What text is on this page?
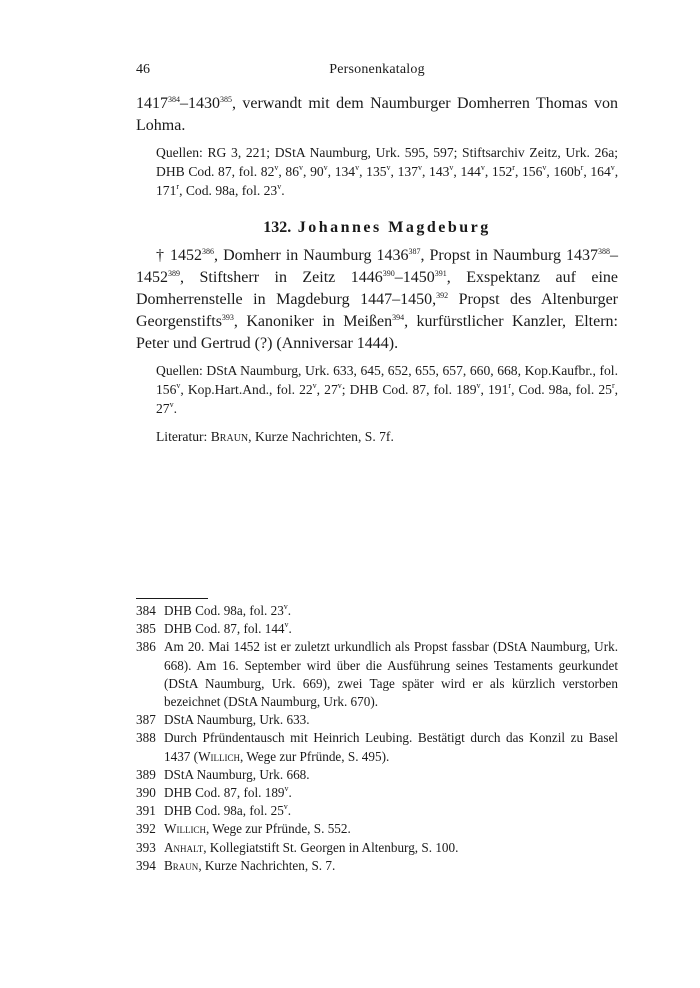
46	Personenkatalog

1417$^{384}$–1430$^{385}$, verwandt mit dem Naumburger Domherren Thomas von Lohma.

Quellen: RG 3, 221; DStA Naumburg, Urk. 595, 597; Stiftsarchiv Zeitz, Urk. 26a; DHB Cod. 87, fol. 82$^v$, 86$^v$, 90$^v$, 134$^v$, 135$^v$, 137$^v$, 143$^v$, 144$^v$, 152$^r$, 156$^v$, $160b^r$, 164$^v$, 171$^r$, Cod. 98a, fol. 23$^v$.

132. Johannes Magdeburg

† 1452$^{386}$, Domherr in Naumburg 1436$^{387}$, Propst in Naumburg 1437$^{388}$–1452$^{389}$, Stiftsherr in Zeitz 1446$^{390}$–1450$^{391}$, Exspektanz auf eine Domherrenstelle in Magdeburg 1447–1450,$^{392}$ Propst des Altenburger Georgenstifts$^{393}$, Kanoniker in Meißen$^{394}$, kurfürstlicher Kanzler, Eltern: Peter und Gertrud (?) (Anniversar 1444).

Quellen: DStA Naumburg, Urk. 633, 645, 652, 655, 657, 660, 668, Kop.Kaufbr., fol. 156$^v$, Kop.Hart.And., fol. 22$^v$, 27$^v$; DHB Cod. 87, fol. 189$^v$, 191$^r$, Cod. 98a, fol. 25$^r$, 27$^v$.

Literatur: Braun, Kurze Nachrichten, S. 7f.

384 DHB Cod. 98a, fol. 23$^v$.

385 DHB Cod. 87, fol. 144$^v$.

386 Am 20. Mai 1452 ist er zuletzt urkundlich als Propst fassbar (DStA Naumburg, Urk. 668). Am 16. September wird über die Ausführung seines Testaments geurkundet (DStA Naumburg, Urk. 669), zwei Tage später wird er als kürzlich verstorben bezeichnet (DStA Naumburg, Urk. 670).

387 DStA Naumburg, Urk. 633.

388 Durch Pfründentausch mit Heinrich Leubing. Bestätigt durch das Konzil zu Basel 1437 (Willich, Wege zur Pfründe, S. 495).

389 DStA Naumburg, Urk. 668.

390 DHB Cod. 87, fol. 189$^v$.

391 DHB Cod. 98a, fol. 25$^v$.

392 Willich, Wege zur Pfründe, S. 552.

393 Anhalt, Kollegiatstift St. Georgen in Altenburg, S. 100.

394 Braun, Kurze Nachrichten, S. 7.
